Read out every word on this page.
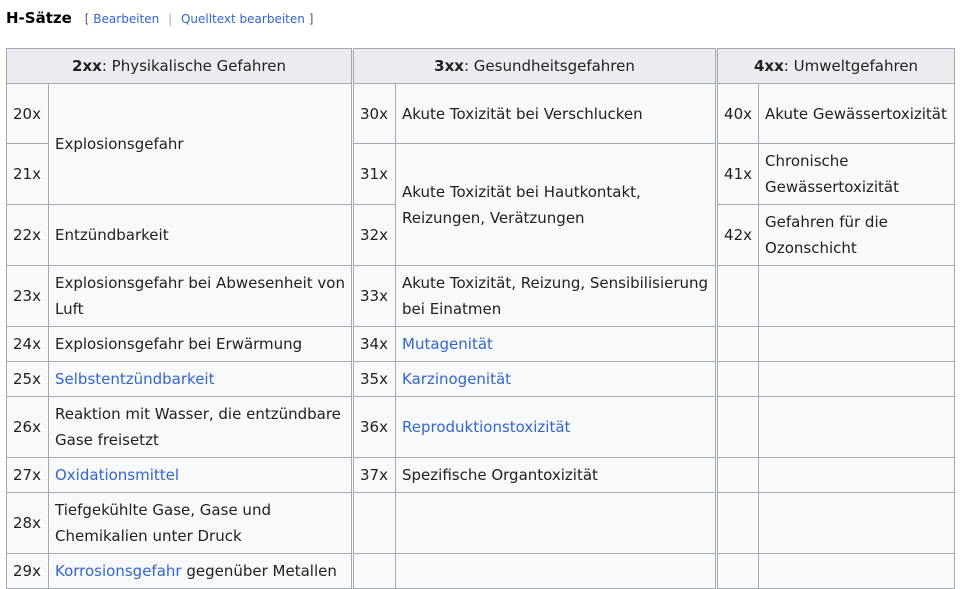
H-Sätze [ Bearbeiten | Quelltext bearbeiten ]
2xx: Physikalische Gefahren		3xx: Gesundheitsgefahren		4xx: Umweltgefahren	
20x	Explosionsgefahr	30x	Akute Toxizität bei Verschlucken	40x	Akute Gewässertoxizität
21x		31x	Akute Toxizität bei Hautkontakt, Reizungen, Verätzungen	41x	Chronische Gewässertoxizität
22x	Entzündbarkeit	32x		42x	Gefahren für die Ozonschicht
23x	Explosionsgefahr bei Abwesenheit von Luft	33x	Akute Toxizität, Reizung, Sensibilisierung bei Einatmen		
24x	Explosionsgefahr bei Erwärmung	34x	Mutagenität		
25x	Selbstentzündbarkeit	35x	Karzinogenität		
26x	Reaktion mit Wasser, die entzündbare Gase freisetzt	36x	Reproduktionstoxizität		
27x	Oxidationsmittel	37x	Spezifische Organtoxizität		
28x	Tiefgekühlte Gase, Gase und Chemikalien unter Druck				
29x	Korrosionsgefahr gegenüber Metallen				
